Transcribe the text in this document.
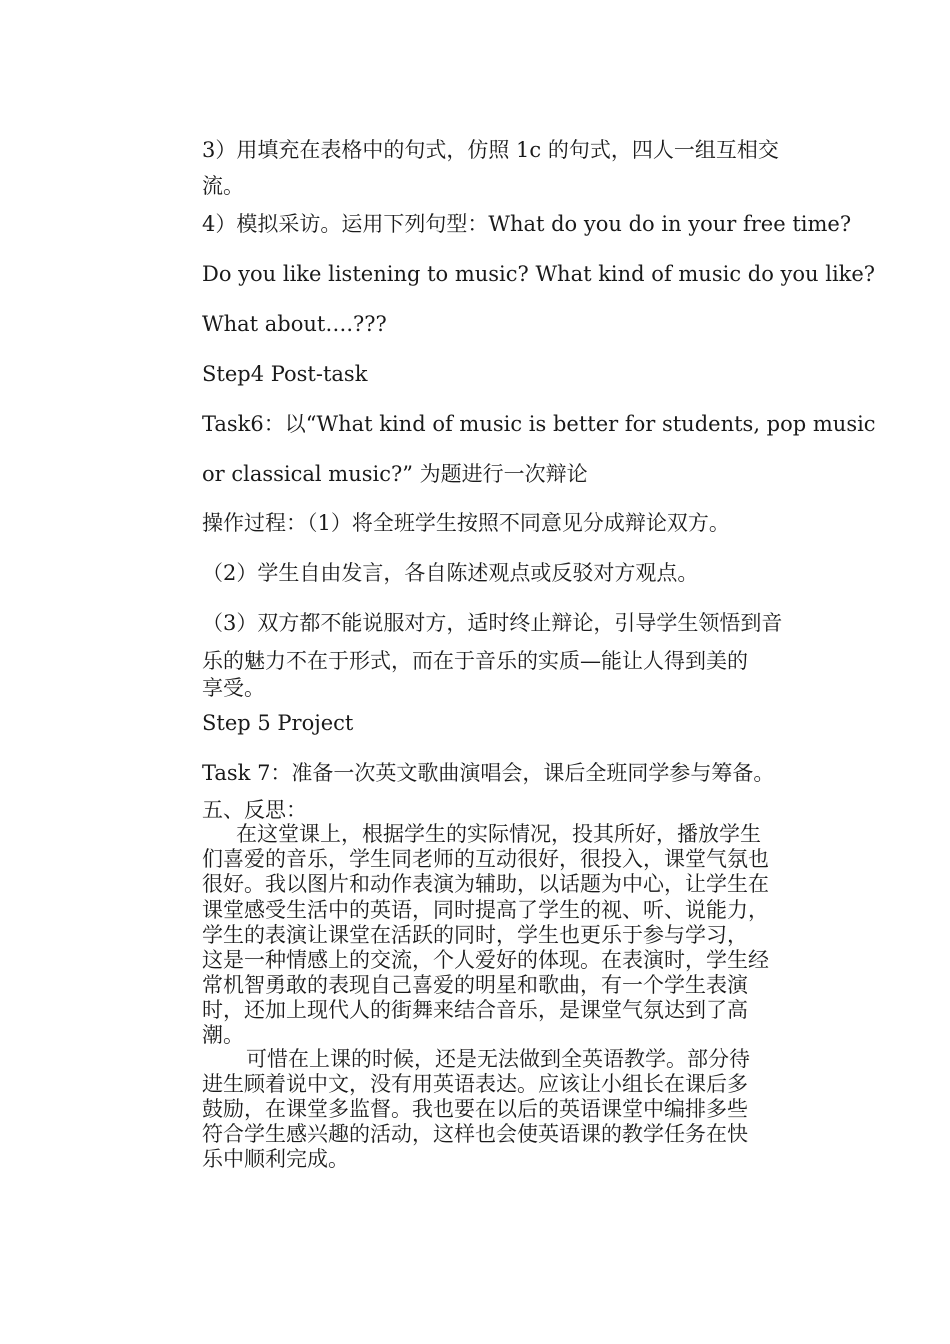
3）用填充在表格中的句式，仿照 1c 的句式，四人一组互相交
流。
4）模拟采访。运用下列句型：What do you do in your free time?
Do you like listening to music? What kind of music do you like?
What about….???
Step4 Post-task
Task6：以“What kind of music is better for students, pop music
or classical music?” 为题进行一次辩论
操作过程：（1）将全班学生按照不同意见分成辩论双方。
（2）学生自由发言，各自陈述观点或反驳对方观点。
（3）双方都不能说服对方，适时终止辩论，引导学生领悟到音
乐的魅力不在于形式，而在于音乐的实质—能让人得到美的
享受。
Step 5 Project
Task 7：准备一次英文歌曲演唱会，课后全班同学参与筹备。
五、反思：
在这堂课上，根据学生的实际情况，投其所好，播放学生
们喜爱的音乐，学生同老师的互动很好，很投入，课堂气氛也
很好。我以图片和动作表演为辅助，以话题为中心，让学生在
课堂感受生活中的英语，同时提高了学生的视、听、说能力，
学生的表演让课堂在活跃的同时，学生也更乐于参与学习，
这是一种情感上的交流，个人爱好的体现。在表演时，学生经
常机智勇敢的表现自己喜爱的明星和歌曲，有一个学生表演
时，还加上现代人的街舞来结合音乐，是课堂气氛达到了高
潮。
可惜在上课的时候，还是无法做到全英语教学。部分待
进生顾着说中文，没有用英语表达。应该让小组长在课后多
鼓励，在课堂多监督。我也要在以后的英语课堂中编排多些
符合学生感兴趣的活动，这样也会使英语课的教学任务在快
乐中顺利完成。
